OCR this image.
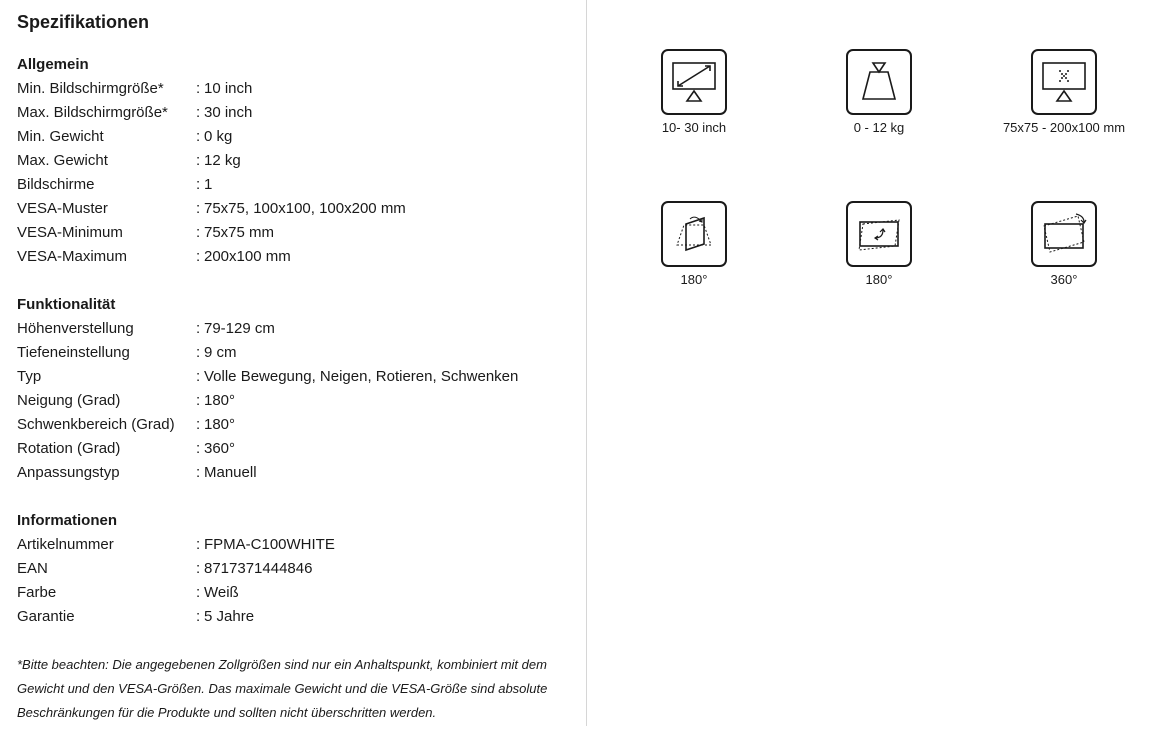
Spezifikationen
Allgemein
Min. Bildschirmgröße*	: 10 inch
Max. Bildschirmgröße*	: 30 inch
Min. Gewicht	: 0 kg
Max. Gewicht	: 12 kg
Bildschirme	: 1
VESA-Muster	: 75x75, 100x100, 100x200 mm
VESA-Minimum	: 75x75 mm
VESA-Maximum	: 200x100 mm
Funktionalität
Höhenverstellung	: 79-129 cm
Tiefeneinstellung	: 9 cm
Typ	: Volle Bewegung, Neigen, Rotieren, Schwenken
Neigung (Grad)	: 180°
Schwenkbereich (Grad)	: 180°
Rotation (Grad)	: 360°
Anpassungstyp	: Manuell
Informationen
Artikelnummer	: FPMA-C100WHITE
EAN	: 8717371444846
Farbe	: Weiß
Garantie	: 5 Jahre
*Bitte beachten: Die angegebenen Zollgrößen sind nur ein Anhaltspunkt, kombiniert mit dem Gewicht und den VESA-Größen. Das maximale Gewicht und die VESA-Größe sind absolute Beschränkungen für die Produkte und sollten nicht überschritten werden.
10- 30 inch	0 - 12 kg	75x75 - 200x100 mm
180°	180°	360°
